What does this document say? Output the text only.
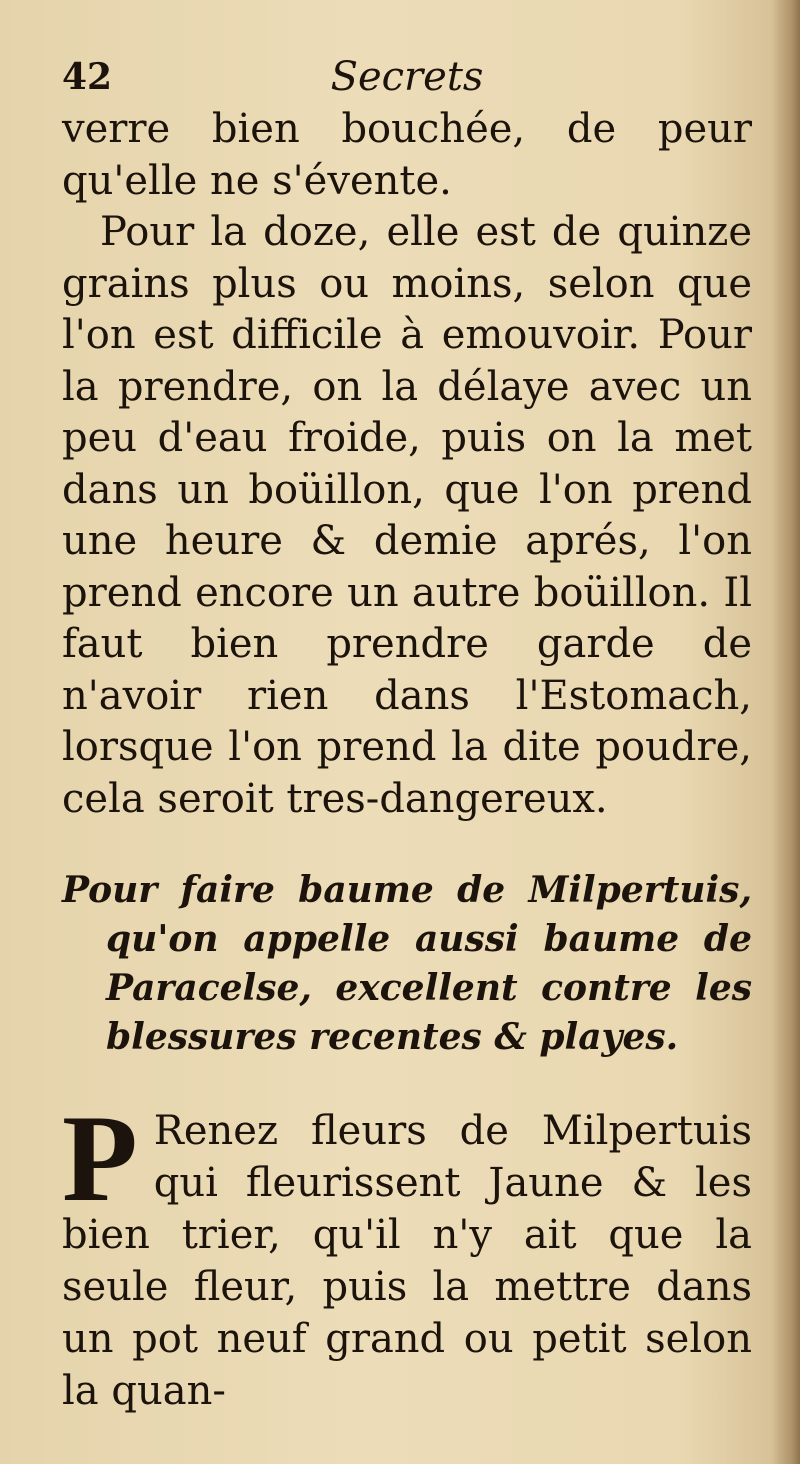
42	Secrets

verre bien bouchée, de peur qu'elle ne s'évente.

Pour la doze, elle est de quinze grains plus ou moins, selon que l'on est difficile à emouvoir. Pour la prendre, on la délaye avec un peu d'eau froide, puis on la met dans un boüillon, que l'on prend une heure & demie aprés, l'on prend encore un autre boüillon. Il faut bien prendre garde de n'avoir rien dans l'Estomach, lorsque l'on prend la dite poudre, cela seroit tres-dangereux.

Pour faire baume de Milpertuis, qu'on appelle aussi baume de Paracelse, excellent contre les blessures recentes & playes.
P Renez fleurs de Milpertuis qui fleurissent Jaune & les bien trier, qu'il n'y ait que la seule fleur, puis la mettre dans un pot neuf grand ou petit selon la quan-
